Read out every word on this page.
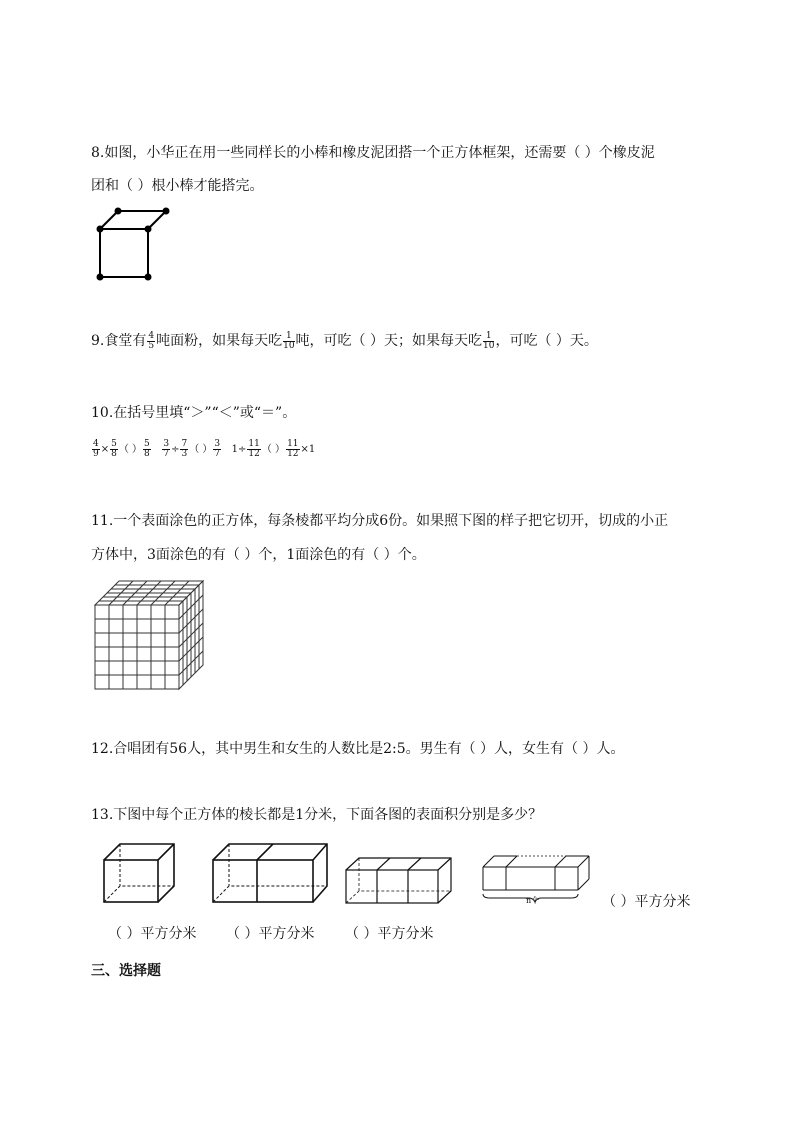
8.如图，小华正在用一些同样长的小棒和橡皮泥团搭一个正方体框架，还需要（ ）个橡皮泥
团和（ ）根小棒才能搭完。
9.食堂有 $\frac{4}{5}$ 吨面粉，如果每天吃 $\frac{1}{10}$ 吨，可吃（ ）天；如果每天吃 $\frac{1}{10}$ ，可吃（ ）天。
10.在括号里填“＞”“＜”或“＝”。
$\frac{4}{9} \times \frac{5}{8}$ （ ） $\frac{5}{8}$
$\frac{3}{7} \div \frac{7}{3}$ （ ） $\frac{3}{7} 1\div \frac{11}{12}$ （ ） $\frac{11}{12} \times 1$
11.一个表面涂色的正方体，每条棱都平均分成6份。如果照下图的样子把它切开，切成的小正
方体中，3面涂色的有（ ）个，1面涂色的有（ ）个。
12.合唱团有56人，其中男生和女生的人数比是2:5。男生有（ ）人，女生有（ ）人。
13.下图中每个正方体的棱长都是1分米，下面各图的表面积分别是多少？
n个	（ ）平方分米
（ ）平方分米 （ ）平方分米 （ ）平方分米
三、选择题
